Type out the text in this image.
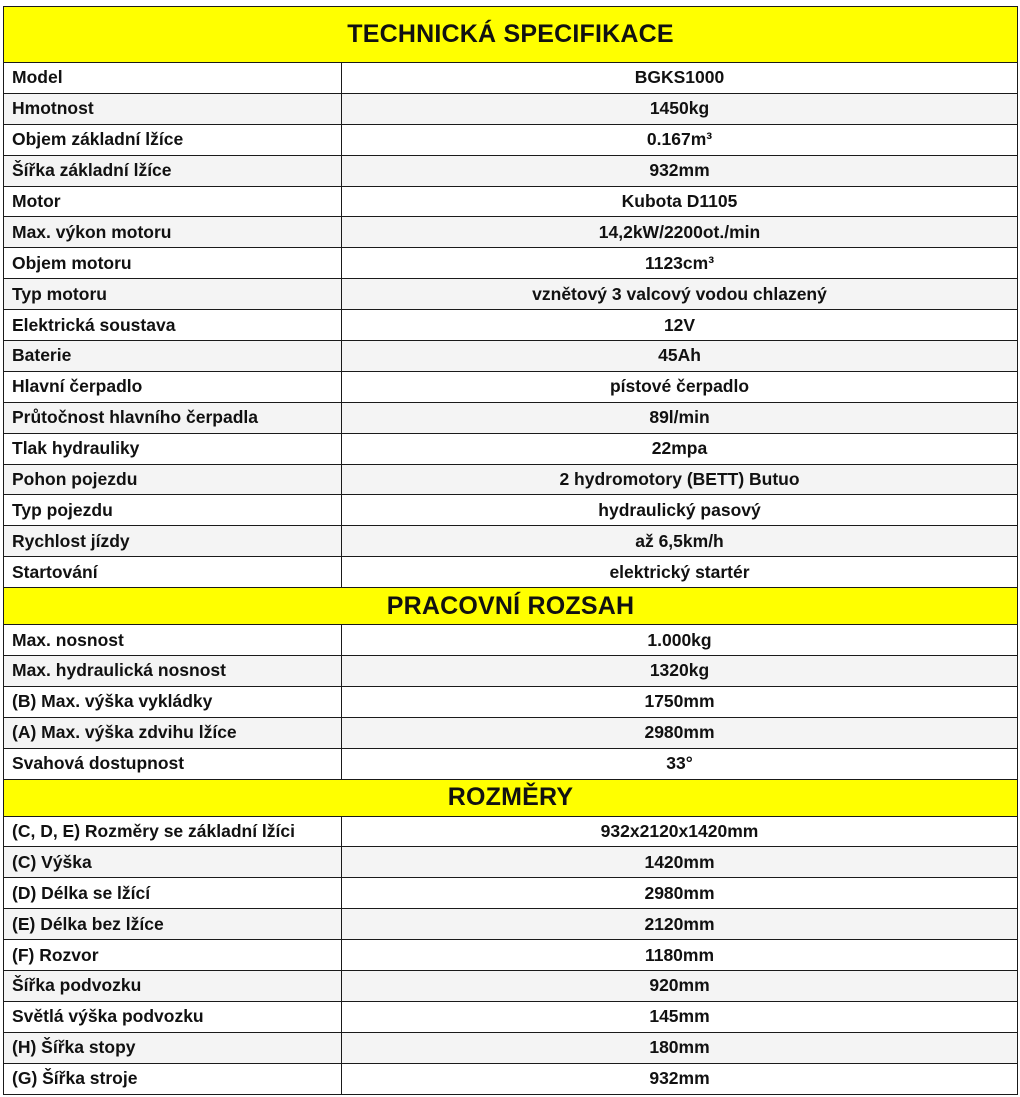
TECHNICKÁ SPECIFIKACE	
Model	BGKS1000
Hmotnost	1450kg
Objem základní lžíce	0.167m³
Šířka základní lžíce	932mm
Motor	Kubota D1105
Max. výkon motoru	14,2kW/2200ot./min
Objem motoru	1123cm³
Typ motoru	vznětový 3 valcový vodou chlazený
Elektrická soustava	12V
Baterie	45Ah
Hlavní čerpadlo	pístové čerpadlo
Průtočnost hlavního čerpadla	89l/min
Tlak hydrauliky	22mpa
Pohon pojezdu	2 hydromotory (BETT) Butuo
Typ pojezdu	hydraulický pasový
Rychlost jízdy	až 6,5km/h
Startování	elektrický startér
PRACOVNÍ ROZSAH	
Max. nosnost	1.000kg
Max. hydraulická nosnost	1320kg
(B) Max. výška vykládky	1750mm
(A) Max. výška zdvihu lžíce	2980mm
Svahová dostupnost	33°
ROZMĚRY	
(C, D, E) Rozměry se základní lžíci	932x2120x1420mm
(C) Výška	1420mm
(D) Délka se lžící	2980mm
(E) Délka bez lžíce	2120mm
(F) Rozvor	1180mm
Šířka podvozku	920mm
Světlá výška podvozku	145mm
(H) Šířka stopy	180mm
(G) Šířka stroje	932mm
